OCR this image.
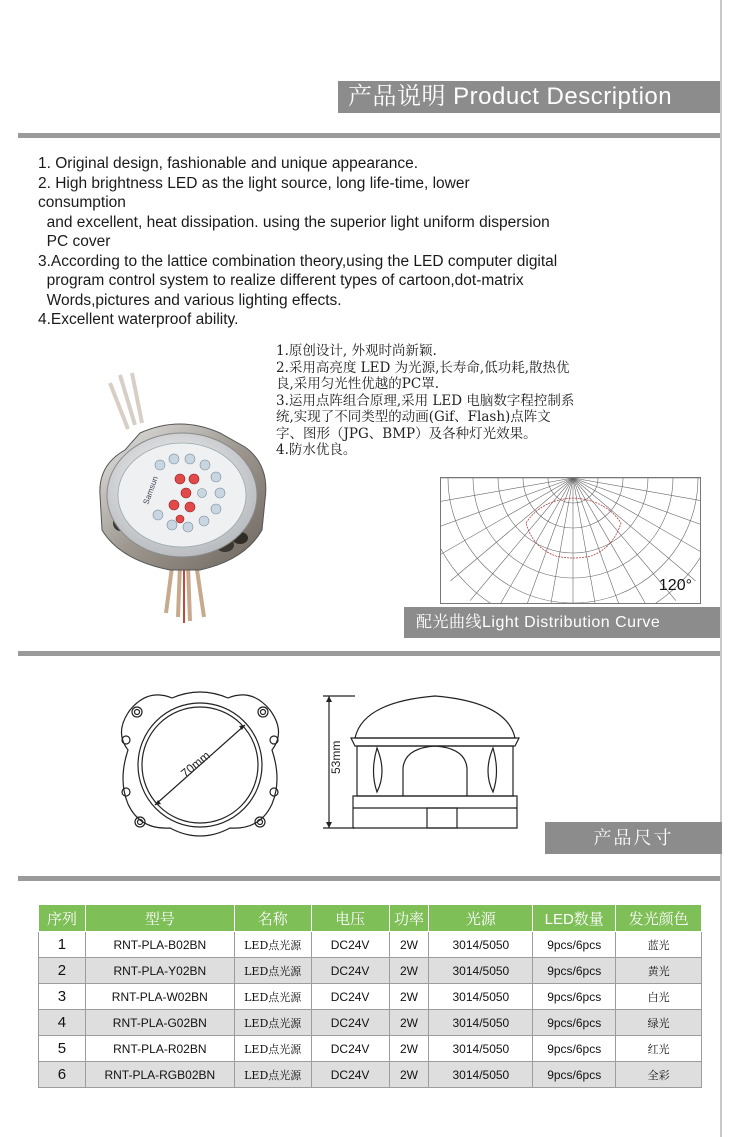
产品说明 Product Description
1. Original design, fashionable and unique appearance.
2. High brightness LED as the light source, long life-time, lower
consumption
and excellent, heat dissipation. using the superior light uniform dispersion
PC cover
3.According to the lattice combination theory,using the LED computer digital
program control system to realize different types of cartoon,dot-matrix
Words,pictures and various lighting effects.
4.Excellent waterproof ability.
1.原创设计, 外观时尚新颖.
2.采用高亮度 LED 为光源,长寿命,低功耗,散热优
良,采用匀光性优越的PC罩.
3.运用点阵组合原理,采用 LED 电脑数字程控制系
统,实现了不同类型的动画(Gif、Flash)点阵文
字、图形（JPG、BMP）及各种灯光效果。
4.防水优良。
Samsun
120°
配光曲线Light Distribution Curve
70mm	53mm
产品尺寸
序列	型号	名称	电压	功率	光源	LED数量	发光颜色
1	RNT-PLA-B02BN	LED点光源	DC24V	2W	3014/5050	9pcs/6pcs	蓝光
2	RNT-PLA-Y02BN	LED点光源	DC24V	2W	3014/5050	9pcs/6pcs	黄光
3	RNT-PLA-W02BN	LED点光源	DC24V	2W	3014/5050	9pcs/6pcs	白光
4	RNT-PLA-G02BN	LED点光源	DC24V	2W	3014/5050	9pcs/6pcs	绿光
5	RNT-PLA-R02BN	LED点光源	DC24V	2W	3014/5050	9pcs/6pcs	红光
6	RNT-PLA-RGB02BN	LED点光源	DC24V	2W	3014/5050	9pcs/6pcs	全彩
